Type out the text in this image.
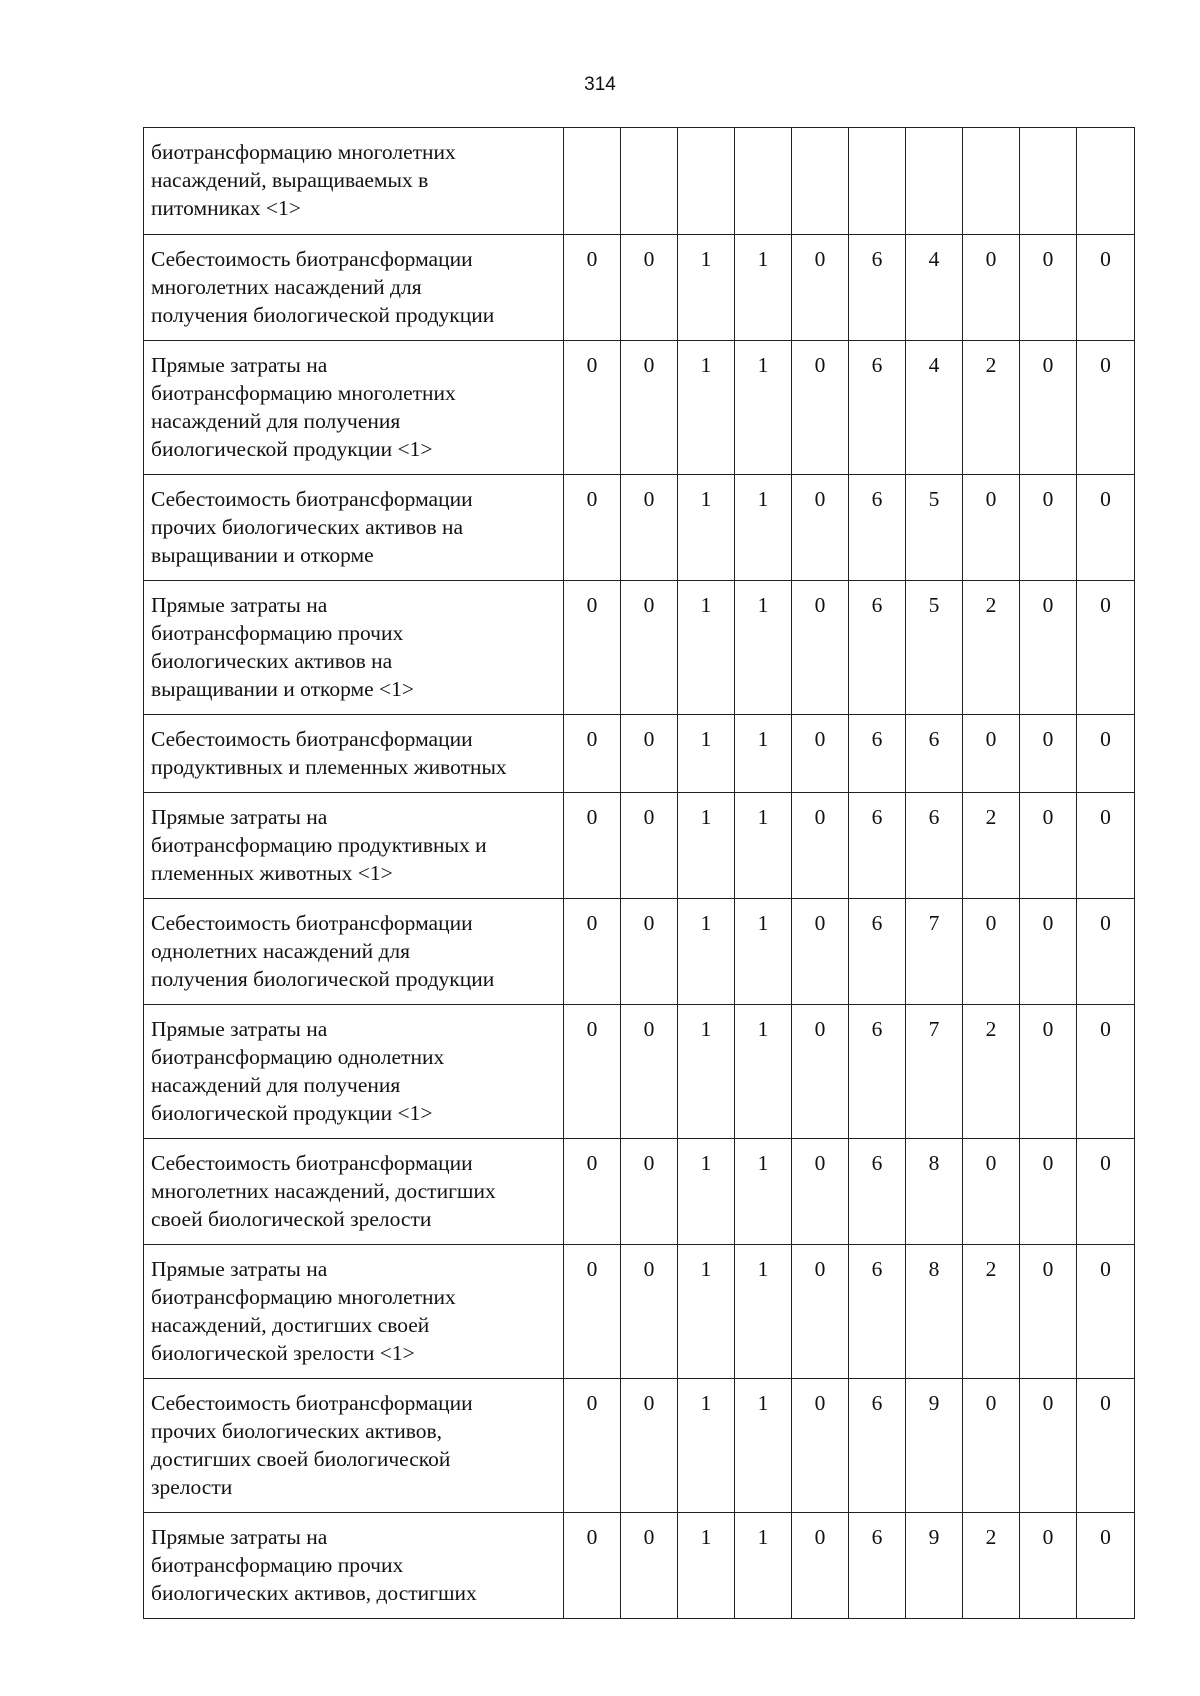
314
биотрансформацию многолетних
насаждений, выращиваемых в
питомниках <1>										

Себестоимость биотрансформации
многолетних насаждений для
получения биологической продукции	0	0	1	1	0	6	4	0	0	0

Прямые затраты на
биотрансформацию многолетних
насаждений для получения
биологической продукции <1>	0	0	1	1	0	6	4	2	0	0

Себестоимость биотрансформации
прочих биологических активов на
выращивании и откорме	0	0	1	1	0	6	5	0	0	0

Прямые затраты на
биотрансформацию прочих
биологических активов на
выращивании и откорме <1>	0	0	1	1	0	6	5	2	0	0

Себестоимость биотрансформации
продуктивных и племенных животных	0	0	1	1	0	6	6	0	0	0

Прямые затраты на
биотрансформацию продуктивных и
племенных животных <1>	0	0	1	1	0	6	6	2	0	0

Себестоимость биотрансформации
однолетних насаждений для
получения биологической продукции	0	0	1	1	0	6	7	0	0	0

Прямые затраты на
биотрансформацию однолетних
насаждений для получения
биологической продукции <1>	0	0	1	1	0	6	7	2	0	0

Себестоимость биотрансформации
многолетних насаждений, достигших
своей биологической зрелости	0	0	1	1	0	6	8	0	0	0

Прямые затраты на
биотрансформацию многолетних
насаждений, достигших своей
биологической зрелости <1>	0	0	1	1	0	6	8	2	0	0

Себестоимость биотрансформации
прочих биологических активов,
достигших своей биологической
зрелости	0	0	1	1	0	6	9	0	0	0

Прямые затраты на
биотрансформацию прочих
биологических активов, достигших	0	0	1	1	0	6	9	2	0	0
